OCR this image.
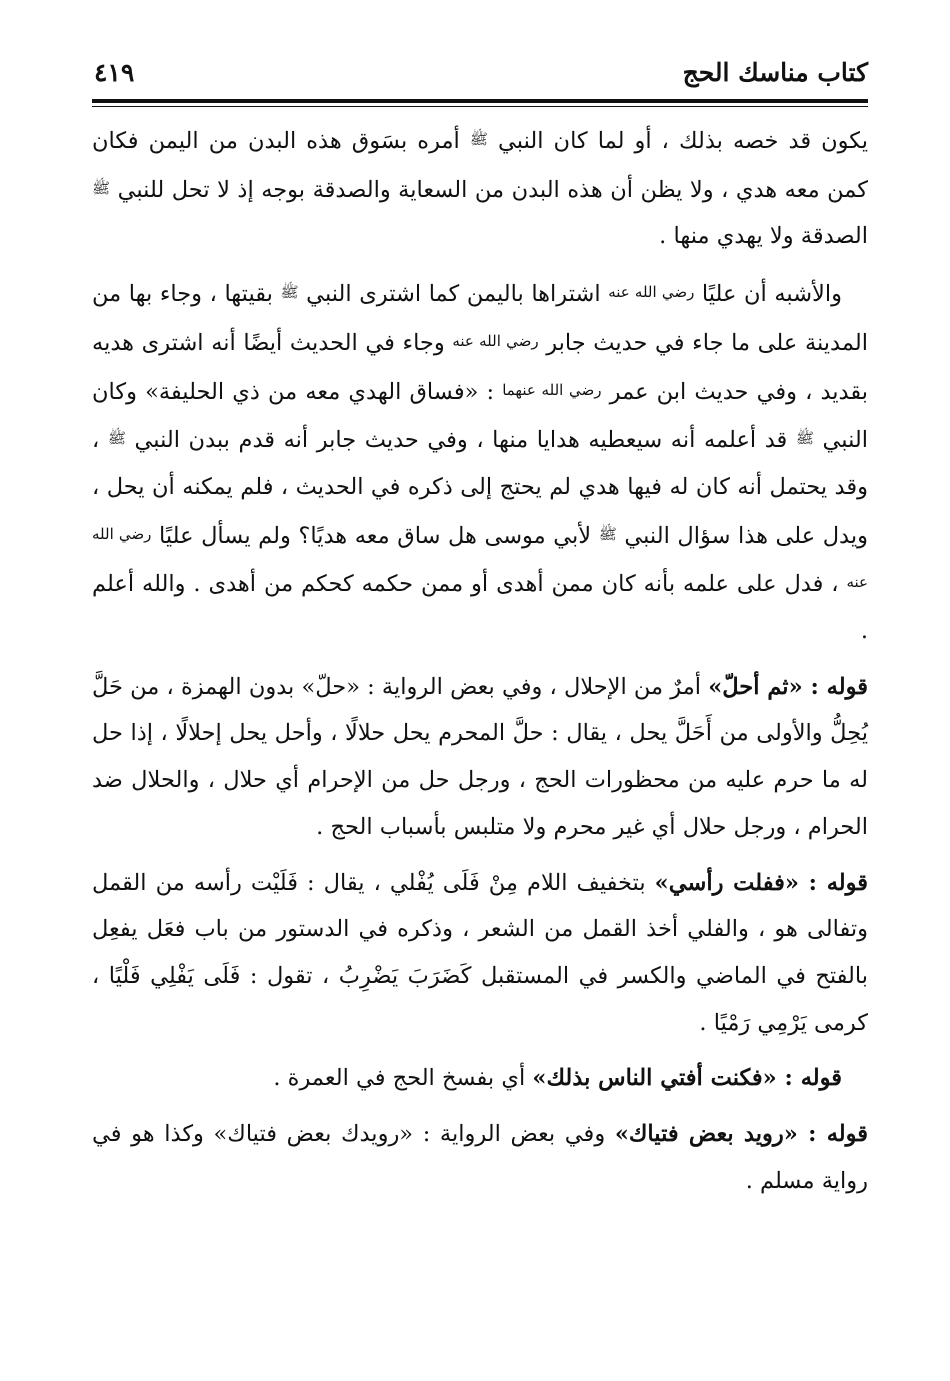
كتاب مناسك الحج
٤١٩

يكون قد خصه بذلك ، أو لما كان النبي ﷺ أمره بسَوق هذه البدن من اليمن فكان كمن معه هدي ، ولا يظن أن هذه البدن من السعاية والصدقة بوجه إذ لا تحل للنبي ﷺ الصدقة ولا يهدي منها .

والأشبه أن عليًا رضي الله عنه اشتراها باليمن كما اشترى النبي ﷺ بقيتها ، وجاء بها من المدينة على ما جاء في حديث جابر رضي الله عنه وجاء في الحديث أيضًا أنه اشترى هديه بقديد ، وفي حديث ابن عمر رضي الله عنهما : «فساق الهدي معه من ذي الحليفة» وكان النبي ﷺ قد أعلمه أنه سيعطيه هدايا منها ، وفي حديث جابر أنه قدم ببدن النبي ﷺ ، وقد يحتمل أنه كان له فيها هدي لم يحتج إلى ذكره في الحديث ، فلم يمكنه أن يحل ، ويدل على هذا سؤال النبي ﷺ لأبي موسى هل ساق معه هديًا؟ ولم يسأل عليًا رضي الله عنه ، فدل على علمه بأنه كان ممن أهدى أو ممن حكمه كحكم من أهدى . والله أعلم .

قوله : «ثم أحلّ» أمرٌ من الإحلال ، وفي بعض الرواية : «حلّ» بدون الهمزة ، من حَلَّ يُحِلُّ والأولى من أَحَلَّ يحل ، يقال : حلَّ المحرم يحل حلالًا ، وأحل يحل إحلالًا ، إذا حل له ما حرم عليه من محظورات الحج ، ورجل حل من الإحرام أي حلال ، والحلال ضد الحرام ، ورجل حلال أي غير محرم ولا متلبس بأسباب الحج .

قوله : «ففلت رأسي» بتخفيف اللام مِنْ فَلَى يُفْلي ، يقال : فَلَيْت رأسه من القمل وتفالى هو ، والفلي أخذ القمل من الشعر ، وذكره في الدستور من باب فعَل يفعِل بالفتح في الماضي والكسر في المستقبل كَضَرَبَ يَضْرِبُ ، تقول : فَلَى يَفْلِي فَلْيًا ، كرمى يَرْمِي رَمْيًا .

قوله : «فكنت أفتي الناس بذلك» أي بفسخ الحج في العمرة .

قوله : «رويد بعض فتياك» وفي بعض الرواية : «رويدك بعض فتياك» وكذا هو في رواية مسلم .
